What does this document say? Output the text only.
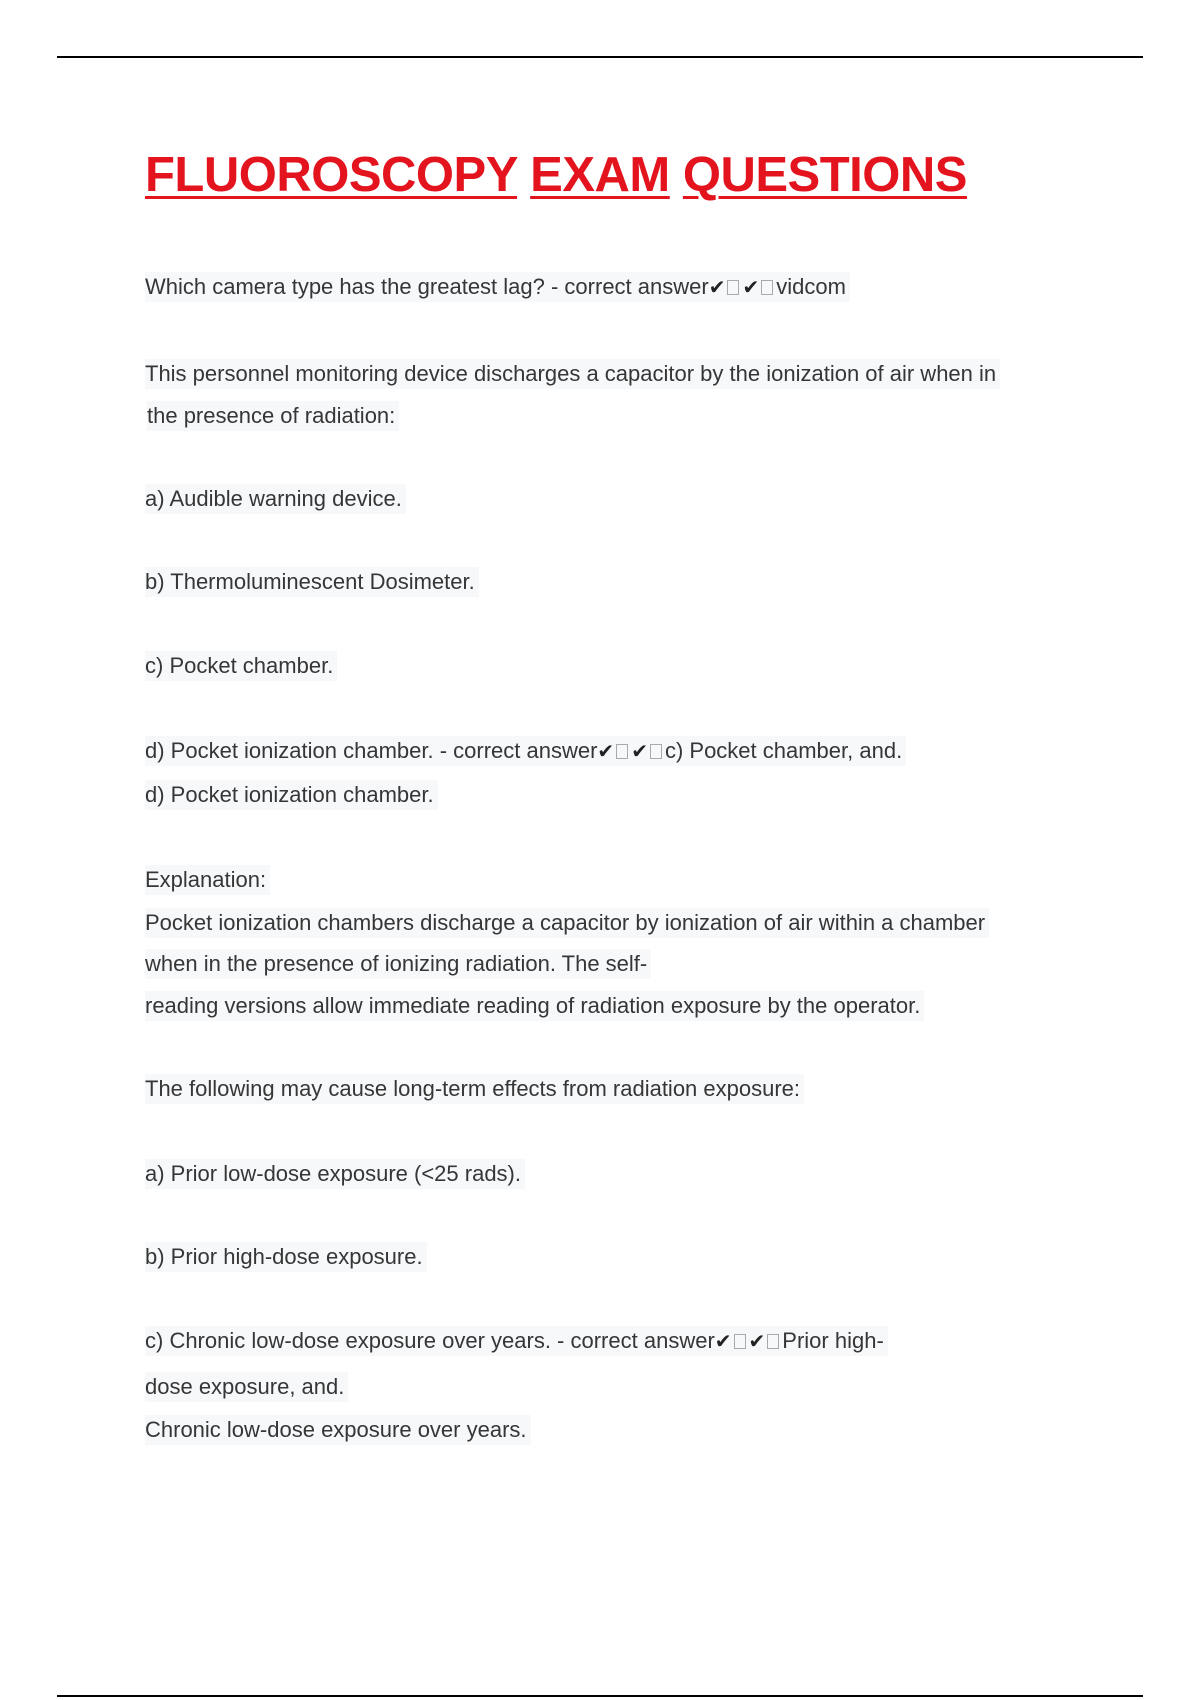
FLUOROSCOPY EXAM QUESTIONS

Which camera type has the greatest lag? - correct answer✔ ✔ vidcom

This personnel monitoring device discharges a capacitor by the ionization of air when in

the presence of radiation:

a) Audible warning device.

b) Thermoluminescent Dosimeter.

c) Pocket chamber.

d) Pocket ionization chamber. - correct answer✔ ✔ c) Pocket chamber, and.

d) Pocket ionization chamber.

Explanation:

Pocket ionization chambers discharge a capacitor by ionization of air within a chamber

when in the presence of ionizing radiation. The self-

reading versions allow immediate reading of radiation exposure by the operator.

The following may cause long-term effects from radiation exposure:

a) Prior low-dose exposure (<25 rads).

b) Prior high-dose exposure.

c) Chronic low-dose exposure over years. - correct answer✔ ✔ Prior high-

dose exposure, and.

Chronic low-dose exposure over years.
